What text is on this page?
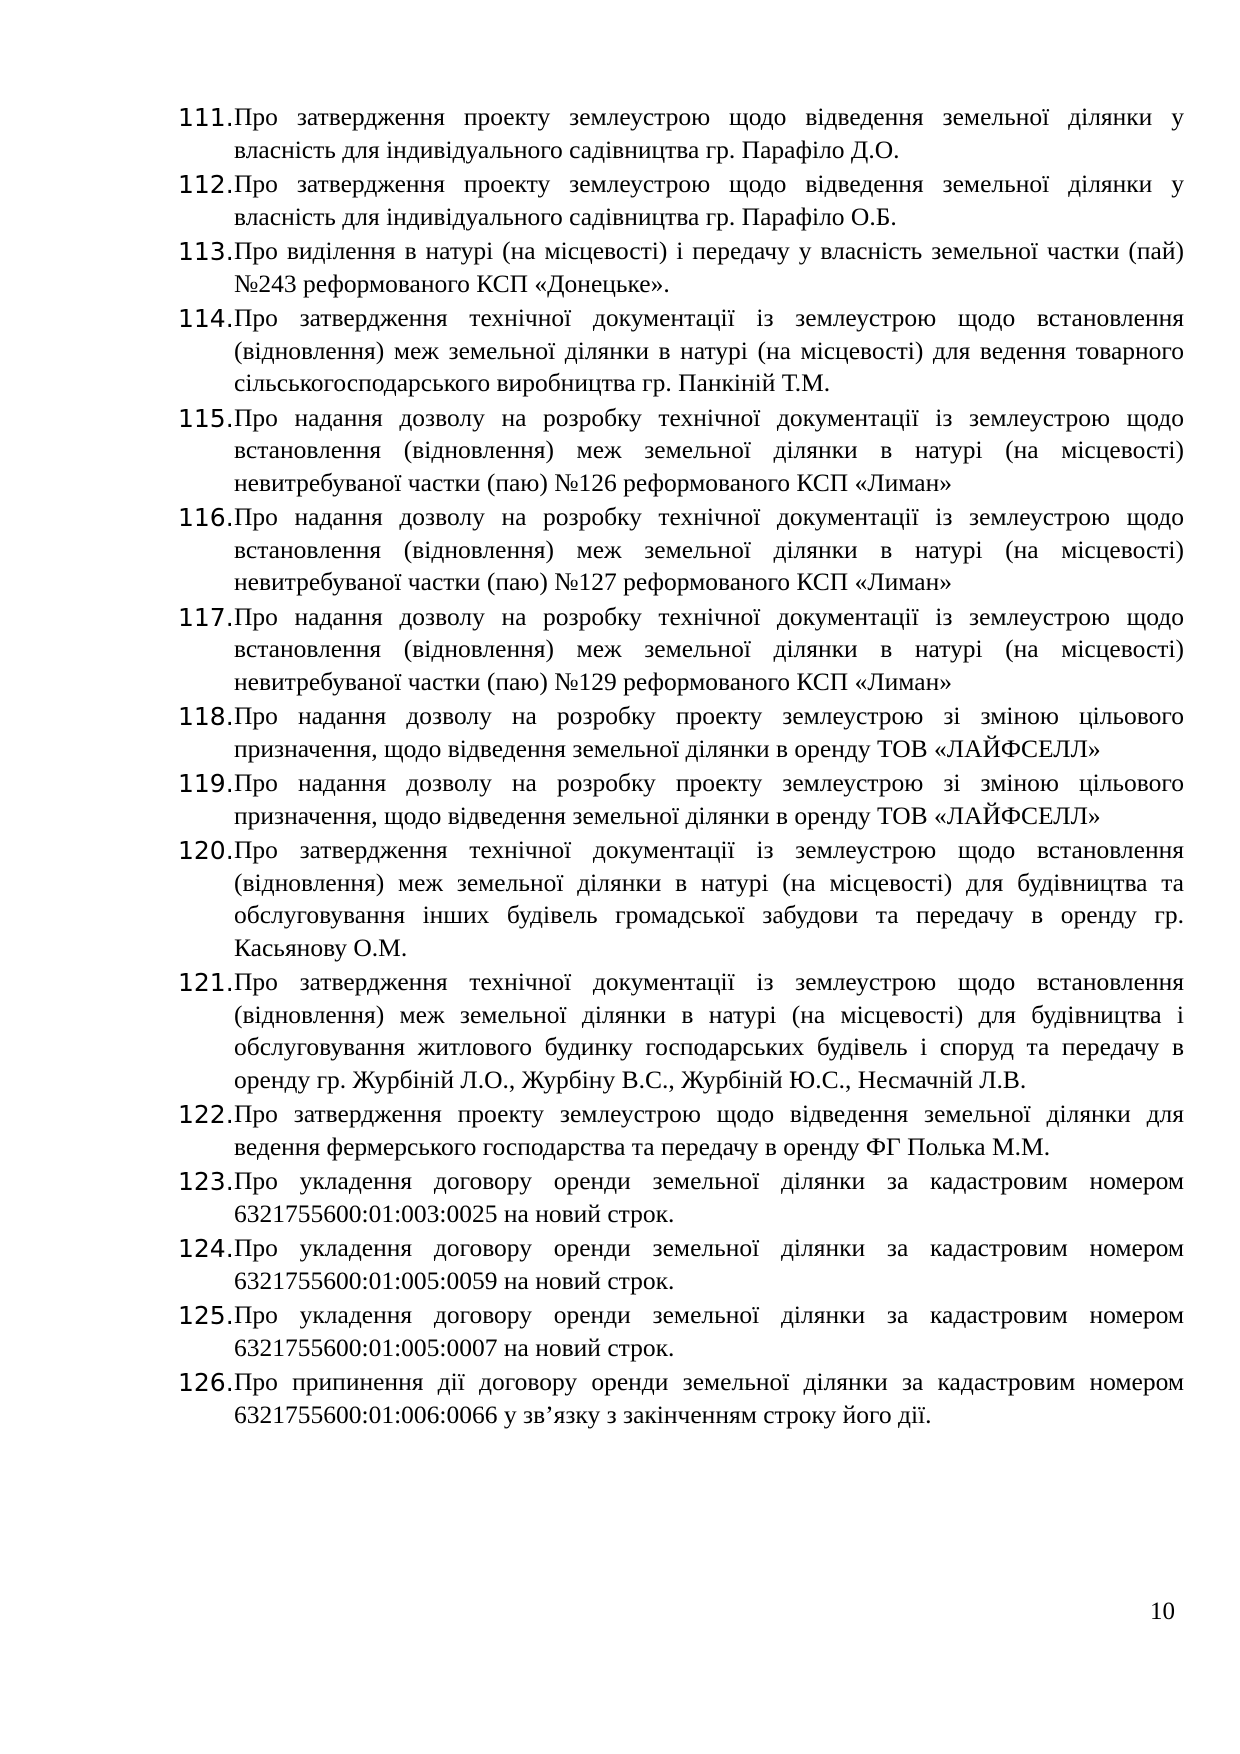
111. Про затвердження проекту землеустрою щодо відведення земельної ділянки у власність для індивідуального садівництва гр. Парафіло Д.О.
112. Про затвердження проекту землеустрою щодо відведення земельної ділянки у власність для індивідуального садівництва гр. Парафіло О.Б.
113. Про виділення в натурі (на місцевості) і передачу у власність земельної частки (пай) №243 реформованого КСП «Донецьке».
114. Про затвердження технічної документації із землеустрою щодо встановлення (відновлення) меж земельної ділянки в натурі (на місцевості) для ведення товарного сільськогосподарського виробництва гр. Панкіній Т.М.
115. Про надання дозволу на розробку технічної документації із землеустрою щодо встановлення (відновлення) меж земельної ділянки в натурі (на місцевості) невитребуваної частки (паю) №126 реформованого КСП «Лиман»
116. Про надання дозволу на розробку технічної документації із землеустрою щодо встановлення (відновлення) меж земельної ділянки в натурі (на місцевості) невитребуваної частки (паю) №127 реформованого КСП «Лиман»
117. Про надання дозволу на розробку технічної документації із землеустрою щодо встановлення (відновлення) меж земельної ділянки в натурі (на місцевості) невитребуваної частки (паю) №129 реформованого КСП «Лиман»
118. Про надання дозволу на розробку проекту землеустрою зі зміною цільового призначення, щодо відведення земельної ділянки в оренду ТОВ «ЛАЙФСЕЛЛ»
119. Про надання дозволу на розробку проекту землеустрою зі зміною цільового призначення, щодо відведення земельної ділянки в оренду ТОВ «ЛАЙФСЕЛЛ»
120. Про затвердження технічної документації із землеустрою щодо встановлення (відновлення) меж земельної ділянки в натурі (на місцевості) для будівництва та обслуговування інших будівель громадської забудови та передачу в оренду гр. Касьянову О.М.
121. Про затвердження технічної документації із землеустрою щодо встановлення (відновлення) меж земельної ділянки в натурі (на місцевості) для будівництва і обслуговування житлового будинку господарських будівель і споруд та передачу в оренду гр. Журбіній Л.О., Журбіну В.С., Журбіній Ю.С., Несмачній Л.В.
122. Про затвердження проекту землеустрою щодо відведення земельної ділянки для ведення фермерського господарства та передачу в оренду ФГ Полька М.М.
123. Про укладення договору оренди земельної ділянки за кадастровим номером 6321755600:01:003:0025 на новий строк.
124. Про укладення договору оренди земельної ділянки за кадастровим номером 6321755600:01:005:0059 на новий строк.
125. Про укладення договору оренди земельної ділянки за кадастровим номером 6321755600:01:005:0007 на новий строк.
126. Про припинення дії договору оренди земельної ділянки за кадастровим номером 6321755600:01:006:0066 у зв’язку з закінченням строку його дії.
10
